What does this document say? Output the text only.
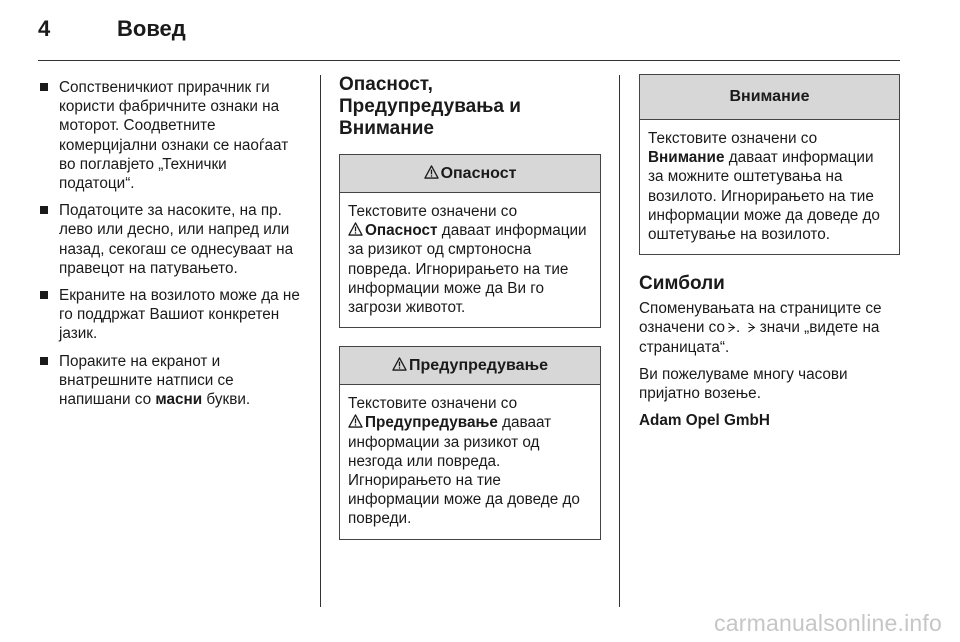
4	Вовед
Сопственичкиот прирачник ги користи фабричните ознаки на моторот. Соодветните комерцијални ознаки се наоѓаат во поглавјето „Технички податоци“.
Податоците за насоките, на пр. лево или десно, или напред или назад, секогаш се однесуваат на правецот на патувањето.
Екраните на возилото може да не го поддржат Вашиот конкретен јазик.
Пораките на екранот и внатрешните натписи се напишани со масни букви.
Опасност, Предупредувања и Внимание
Опасност
Текстовите означени со
Опасност даваат информации за ризикот од смртоносна повреда. Игнорирањето на тие информации може да Ви го загрози животот.
Предупредување
Текстовите означени со
Предупредување даваат информации за ризикот од незгода или повреда. Игнорирањето на тие информации може да доведе до повреди.
Внимание
Текстовите означени со Внимание даваат информации за можните оштетувања на возилото. Игнорирањето на тие информации може да доведе до оштетување на возилото.
Симболи

Споменувањата на страниците се означени со .  значи „видете на страницата“.

Ви пожелуваме многу часови пријатно возење.

Adam Opel GmbH

carmanualsonline.info
